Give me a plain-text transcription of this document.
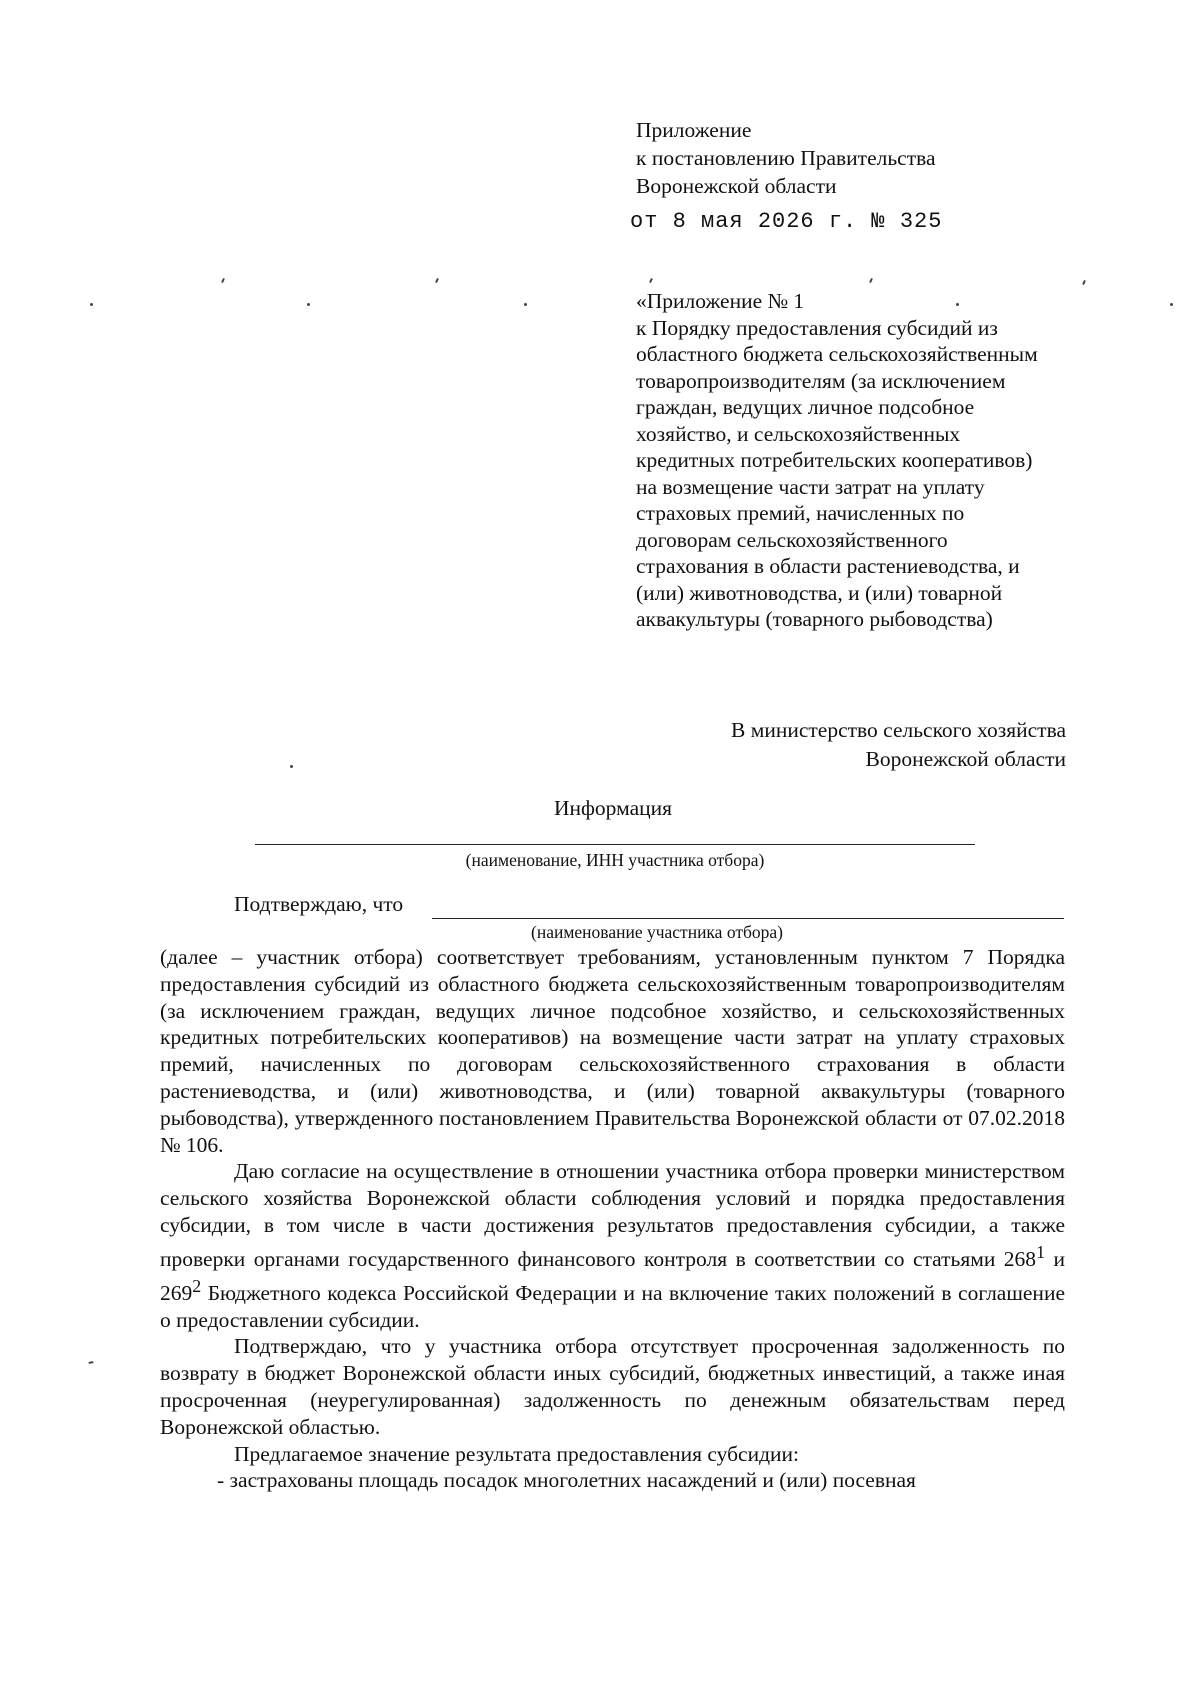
Приложение
к постановлению Правительства
Воронежской области
от 8 мая 2026 г. № 325
«Приложение № 1
к Порядку предоставления субсидий из
областного бюджета сельскохозяйственным
товаропроизводителям (за исключением
граждан, ведущих личное подсобное
хозяйство, и сельскохозяйственных
кредитных потребительских кооперативов)
на возмещение части затрат на уплату
страховых премий, начисленных по
договорам сельскохозяйственного
страхования в области растениеводства, и
(или) животноводства, и (или) товарной
аквакультуры (товарного рыбоводства)
В министерство сельского хозяйства
Воронежской области
Информация
(наименование, ИНН участника отбора)
Подтверждаю, что
(наименование участника отбора)

(далее – участник отбора) соответствует требованиям, установленным пунктом 7 Порядка предоставления субсидий из областного бюджета сельскохозяйственным товаропроизводителям (за исключением граждан, ведущих личное подсобное хозяйство, и сельскохозяйственных кредитных потребительских кооперативов) на возмещение части затрат на уплату страховых премий, начисленных по договорам сельскохозяйственного страхования в области растениеводства, и (или) животноводства, и (или) товарной аквакультуры (товарного рыбоводства), утвержденного постановлением Правительства Воронежской области от 07.02.2018 № 106.

Даю согласие на осуществление в отношении участника отбора проверки министерством сельского хозяйства Воронежской области соблюдения условий и порядка предоставления субсидии, в том числе в части достижения результатов предоставления субсидии, а также проверки органами государственного финансового контроля в соответствии со статьями $268^1$ и $269^2$ Бюджетного кодекса Российской Федерации и на включение таких положений в соглашение о предоставлении субсидии.

Подтверждаю, что у участника отбора отсутствует просроченная задолженность по возврату в бюджет Воронежской области иных субсидий, бюджетных инвестиций, а также иная просроченная (неурегулированная) задолженность по денежным обязательствам перед Воронежской областью.

Предлагаемое значение результата предоставления субсидии:

- застрахованы площадь посадок многолетних насаждений и (или) посевная
